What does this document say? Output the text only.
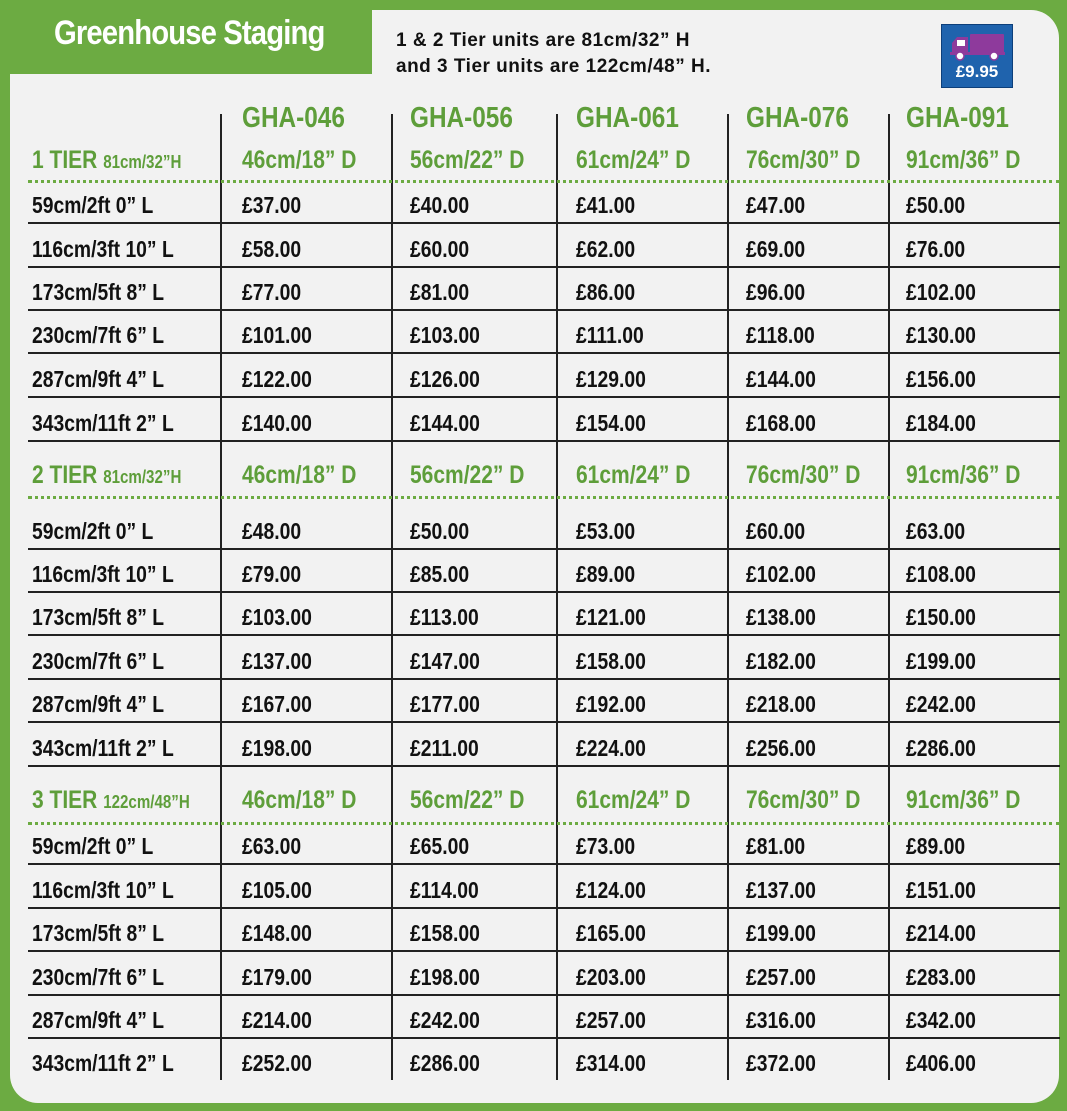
Greenhouse Staging	1 & 2 Tier units are 81cm/32” H
and 3 Tier units are 122cm/48” H.	£9.95
GHA-046 GHA-056 GHA-061 GHA-076 GHA-091
1 TIER 81cm/32”H 46cm/18” D 56cm/22” D 61cm/24” D 76cm/30” D 91cm/36” D
59cm/2ft 0” L	£37.00	£40.00	£41.00	£47.00	£50.00
116cm/3ft 10” L	£58.00	£60.00	£62.00	£69.00	£76.00
173cm/5ft 8” L	£77.00	£81.00	£86.00	£96.00	£102.00
230cm/7ft 6” L	£101.00	£103.00	£111.00	£118.00	£130.00
287cm/9ft 4” L	£122.00	£126.00	£129.00	£144.00	£156.00
343cm/11ft 2” L	£140.00	£144.00	£154.00	£168.00	£184.00
2 TIER 81cm/32”H 46cm/18” D 56cm/22” D 61cm/24” D 76cm/30” D 91cm/36” D
59cm/2ft 0” L	£48.00	£50.00	£53.00	£60.00	£63.00
116cm/3ft 10” L	£79.00	£85.00	£89.00	£102.00	£108.00
173cm/5ft 8” L	£103.00	£113.00	£121.00	£138.00	£150.00
230cm/7ft 6” L	£137.00	£147.00	£158.00	£182.00	£199.00
287cm/9ft 4” L	£167.00	£177.00	£192.00	£218.00	£242.00
343cm/11ft 2” L	£198.00	£211.00	£224.00	£256.00	£286.00
3 TIER 122cm/48”H 46cm/18” D 56cm/22” D 61cm/24” D 76cm/30” D 91cm/36” D
59cm/2ft 0” L	£63.00	£65.00	£73.00	£81.00	£89.00
116cm/3ft 10” L	£105.00	£114.00	£124.00	£137.00	£151.00
173cm/5ft 8” L	£148.00	£158.00	£165.00	£199.00	£214.00
230cm/7ft 6” L	£179.00	£198.00	£203.00	£257.00	£283.00
287cm/9ft 4” L	£214.00	£242.00	£257.00	£316.00	£342.00
343cm/11ft 2” L	£252.00	£286.00	£314.00	£372.00	£406.00
